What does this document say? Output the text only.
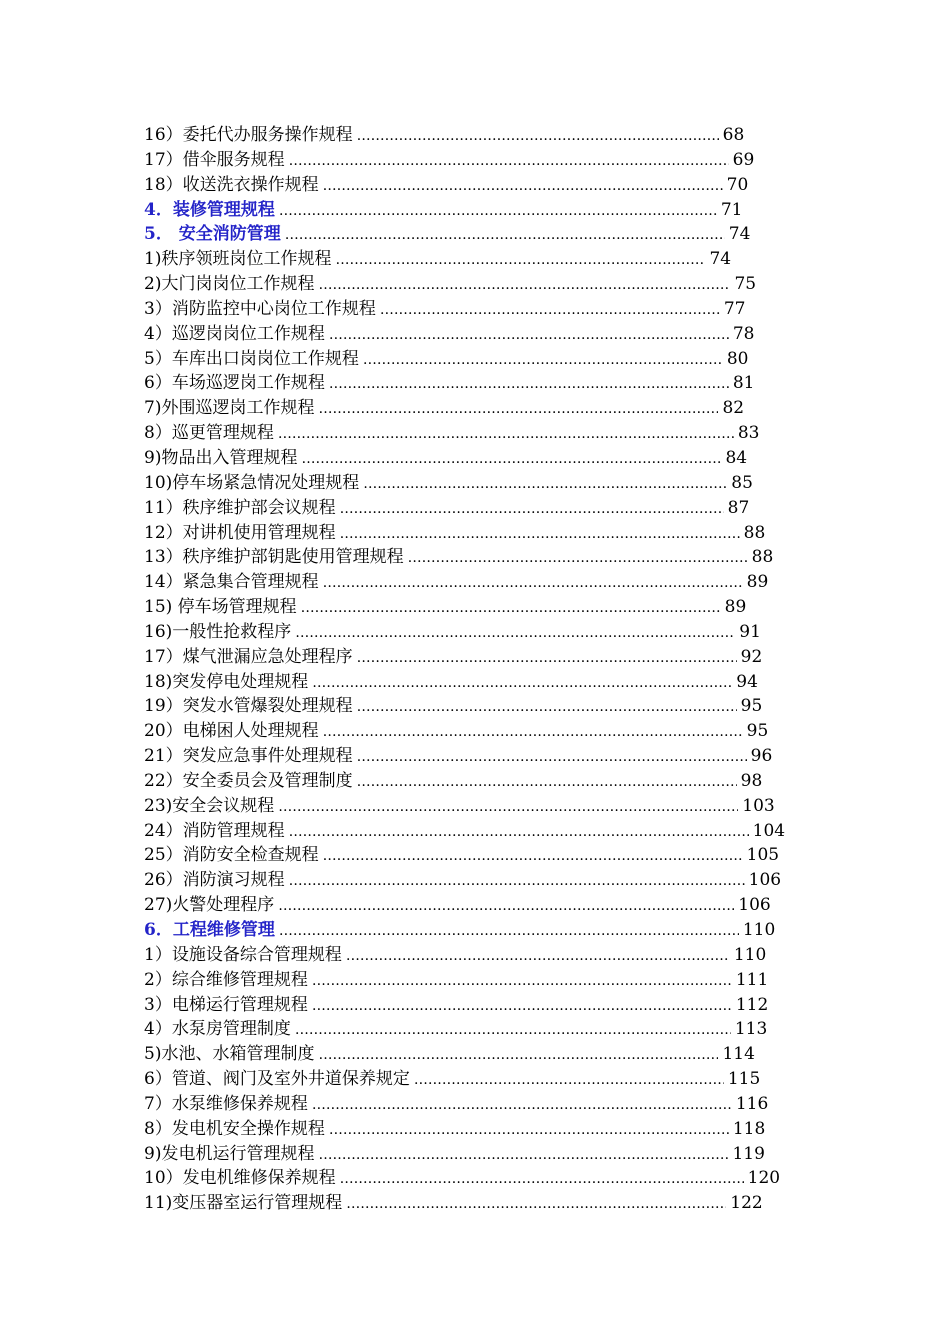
16）委托代办服务操作规程 ……………………………………………………………………………………………………………………………………………………………………	68
17）借伞服务规程 ……………………………………………………………………………………………………………………………………………………………………	69
18）收送洗衣操作规程 ……………………………………………………………………………………………………………………………………………………………………	70
4．装修管理规程 ……………………………………………………………………………………………………………………………………………………………………	71
5． 安全消防管理 ……………………………………………………………………………………………………………………………………………………………………	74
1)秩序领班岗位工作规程 ……………………………………………………………………………………………………………………………………………………………………	74
2)大门岗岗位工作规程 ……………………………………………………………………………………………………………………………………………………………………	75
3）消防监控中心岗位工作规程 ……………………………………………………………………………………………………………………………………………………………………	77
4）巡逻岗岗位工作规程 ……………………………………………………………………………………………………………………………………………………………………	78
5）车库出口岗岗位工作规程 ……………………………………………………………………………………………………………………………………………………………………	80
6）车场巡逻岗工作规程 ……………………………………………………………………………………………………………………………………………………………………	81
7)外围巡逻岗工作规程 ……………………………………………………………………………………………………………………………………………………………………	82
8）巡更管理规程 ……………………………………………………………………………………………………………………………………………………………………	83
9)物品出入管理规程 ……………………………………………………………………………………………………………………………………………………………………	84
10)停车场紧急情况处理规程 ……………………………………………………………………………………………………………………………………………………………………	85
11）秩序维护部会议规程 ……………………………………………………………………………………………………………………………………………………………………	87
12）对讲机使用管理规程 ……………………………………………………………………………………………………………………………………………………………………	88
13）秩序维护部钥匙使用管理规程 ……………………………………………………………………………………………………………………………………………………………………	88
14）紧急集合管理规程 ……………………………………………………………………………………………………………………………………………………………………	89
15) 停车场管理规程 ……………………………………………………………………………………………………………………………………………………………………	89
16)一般性抢救程序 ……………………………………………………………………………………………………………………………………………………………………	91
17）煤气泄漏应急处理程序 ……………………………………………………………………………………………………………………………………………………………………	92
18)突发停电处理规程 ……………………………………………………………………………………………………………………………………………………………………	94
19）突发水管爆裂处理规程 ……………………………………………………………………………………………………………………………………………………………………	95
20）电梯困人处理规程 ……………………………………………………………………………………………………………………………………………………………………	95
21）突发应急事件处理规程 ……………………………………………………………………………………………………………………………………………………………………	96
22）安全委员会及管理制度 ……………………………………………………………………………………………………………………………………………………………………	98
23)安全会议规程 ……………………………………………………………………………………………………………………………………………………………………	103
24）消防管理规程 ……………………………………………………………………………………………………………………………………………………………………	104
25）消防安全检查规程 ……………………………………………………………………………………………………………………………………………………………………	105
26）消防演习规程 ……………………………………………………………………………………………………………………………………………………………………	106
27)火警处理程序 ……………………………………………………………………………………………………………………………………………………………………	106
6．工程维修管理 ……………………………………………………………………………………………………………………………………………………………………	110
1）设施设备综合管理规程 ……………………………………………………………………………………………………………………………………………………………………	110
2）综合维修管理规程 ……………………………………………………………………………………………………………………………………………………………………	111
3）电梯运行管理规程 ……………………………………………………………………………………………………………………………………………………………………	112
4）水泵房管理制度 ……………………………………………………………………………………………………………………………………………………………………	113
5)水池、水箱管理制度 ……………………………………………………………………………………………………………………………………………………………………	114
6）管道、阀门及室外井道保养规定 ……………………………………………………………………………………………………………………………………………………………………	115
7）水泵维修保养规程 ……………………………………………………………………………………………………………………………………………………………………	116
8）发电机安全操作规程 ……………………………………………………………………………………………………………………………………………………………………	118
9)发电机运行管理规程 ……………………………………………………………………………………………………………………………………………………………………	119
10）发电机维修保养规程 ……………………………………………………………………………………………………………………………………………………………………	120
11)变压器室运行管理规程 ……………………………………………………………………………………………………………………………………………………………………	122
